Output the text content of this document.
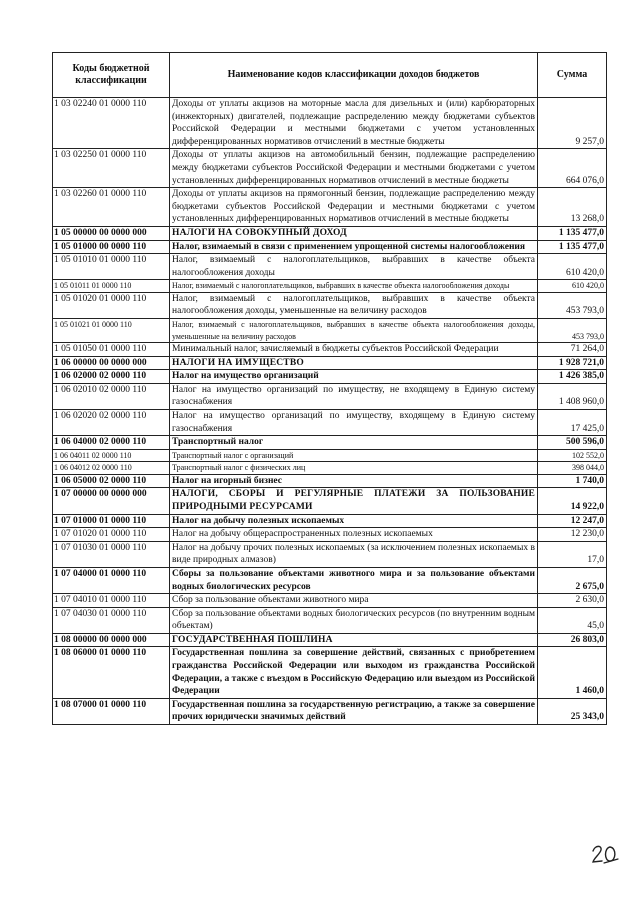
Коды бюджетной классификации	Наименование кодов классификации доходов бюджетов	Сумма
1 03 02240 01 0000 110	Доходы от уплаты акцизов на моторные масла для дизельных и (или) карбюраторных (инжекторных) двигателей, подлежащие распределению между бюджетами субъектов Российской Федерации и местными бюджетами с учетом установленных дифференцированных нормативов отчислений в местные бюджеты	9 257,0
1 03 02250 01 0000 110	Доходы от уплаты акцизов на автомобильный бензин, подлежащие распределению между бюджетами субъектов Российской Федерации и местными бюджетами с учетом установленных дифференцированных нормативов отчислений в местные бюджеты	664 076,0
1 03 02260 01 0000 110	Доходы от уплаты акцизов на прямогонный бензин, подлежащие распределению между бюджетами субъектов Российской Федерации и местными бюджетами с учетом установленных дифференцированных нормативов отчислений в местные бюджеты	13 268,0
1 05 00000 00 0000 000	НАЛОГИ НА СОВОКУПНЫЙ ДОХОД	1 135 477,0
1 05 01000 00 0000 110	Налог, взимаемый в связи с применением упрощенной системы налогообложения	1 135 477,0
1 05 01010 01 0000 110	Налог, взимаемый с налогоплательщиков, выбравших в качестве объекта налогообложения доходы	610 420,0
1 05 01011 01 0000 110	Налог, взимаемый с налогоплательщиков, выбравших в качестве объекта налогообложения доходы	610 420,0
1 05 01020 01 0000 110	Налог, взимаемый с налогоплательщиков, выбравших в качестве объекта налогообложения доходы, уменьшенные на величину расходов	453 793,0
1 05 01021 01 0000 110	Налог, взимаемый с налогоплательщиков, выбравших в качестве объекта налогообложения доходы, уменьшенные на величину расходов	453 793,0
1 05 01050 01 0000 110	Минимальный налог, зачисляемый в бюджеты субъектов Российской Федерации	71 264,0
1 06 00000 00 0000 000	НАЛОГИ НА ИМУЩЕСТВО	1 928 721,0
1 06 02000 02 0000 110	Налог на имущество организаций	1 426 385,0
1 06 02010 02 0000 110	Налог на имущество организаций по имуществу, не входящему в Единую систему газоснабжения	1 408 960,0
1 06 02020 02 0000 110	Налог на имущество организаций по имуществу, входящему в Единую систему газоснабжения	17 425,0
1 06 04000 02 0000 110	Транспортный налог	500 596,0
1 06 04011 02 0000 110	Транспортный налог с организаций	102 552,0
1 06 04012 02 0000 110	Транспортный налог с физических лиц	398 044,0
1 06 05000 02 0000 110	Налог на игорный бизнес	1 740,0
1 07 00000 00 0000 000	НАЛОГИ, СБОРЫ И РЕГУЛЯРНЫЕ ПЛАТЕЖИ ЗА ПОЛЬЗОВАНИЕ ПРИРОДНЫМИ РЕСУРСАМИ	14 922,0
1 07 01000 01 0000 110	Налог на добычу полезных ископаемых	12 247,0
1 07 01020 01 0000 110	Налог на добычу общераспространенных полезных ископаемых	12 230,0
1 07 01030 01 0000 110	Налог на добычу прочих полезных ископаемых (за исключением полезных ископаемых в виде природных алмазов)	17,0
1 07 04000 01 0000 110	Сборы за пользование объектами животного мира и за пользование объектами водных биологических ресурсов	2 675,0
1 07 04010 01 0000 110	Сбор за пользование объектами животного мира	2 630,0
1 07 04030 01 0000 110	Сбор за пользование объектами водных биологических ресурсов (по внутренним водным объектам)	45,0
1 08 00000 00 0000 000	ГОСУДАРСТВЕННАЯ ПОШЛИНА	26 803,0
1 08 06000 01 0000 110	Государственная пошлина за совершение действий, связанных с приобретением гражданства Российской Федерации или выходом из гражданства Российской Федерации, а также с въездом в Российскую Федерацию или выездом из Российской Федерации	1 460,0
1 08 07000 01 0000 110	Государственная пошлина за государственную регистрацию, а также за совершение прочих юридически значимых действий	25 343,0
